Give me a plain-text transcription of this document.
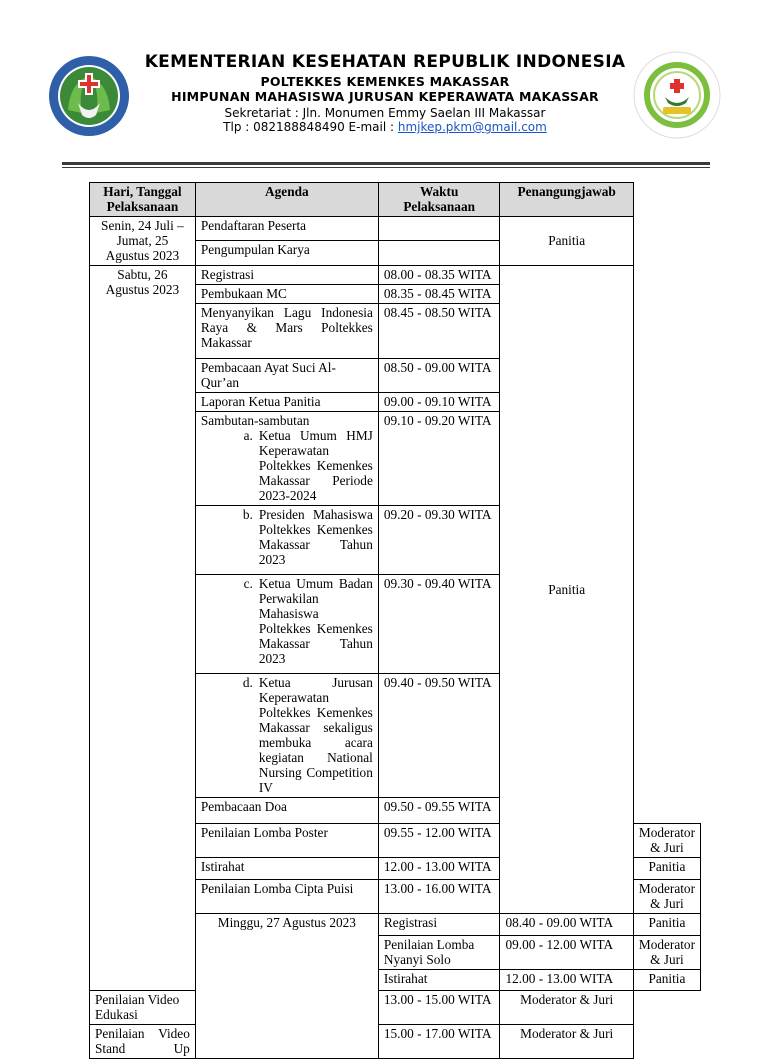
KEMENTERIAN KESEHATAN REPUBLIK INDONESIA
POLTEKKES KEMENKES MAKASSAR
HIMPUNAN MAHASISWA JURUSAN KEPERAWATA MAKASSAR
Sekretariat : Jln. Monumen Emmy Saelan III Makassar
Tlp : 082188848490 E-mail : hmjkep.pkm@gmail.com
Hari, Tanggal Pelaksanaan	Agenda	Waktu Pelaksanaan	Penangungjawab	
Senin, 24 Juli – Jumat, 25 Agustus 2023	Pendaftaran Peserta		Panitia	
	Pengumpulan Karya			
Sabtu, 26 Agustus 2023	Registrasi	08.00 - 08.35 WITA	Panitia	
	Pembukaan MC	08.35 - 08.45 WITA		
	Menyanyikan Lagu Indonesia Raya & Mars Poltekkes Makassar	08.45 - 08.50 WITA		
	Pembacaan Ayat Suci Al-Qur’an	08.50 - 09.00 WITA		
	Laporan Ketua Panitia	09.00 - 09.10 WITA		

	Sambutan-sambutan
a. Ketua Umum HMJ Keperawatan Poltekkes Kemenkes Makassar Periode 2023-2024	09.10 - 09.20 WITA		

	b. Presiden Mahasiswa Poltekkes Kemenkes Makassar Tahun 2023	09.20 - 09.30 WITA		

	c. Ketua Umum Badan Perwakilan Mahasiswa Poltekkes Kemenkes Makassar Tahun 2023	09.30 - 09.40 WITA		

	d. Ketua Jurusan Keperawatan Poltekkes Kemenkes Makassar sekaligus membuka acara kegiatan National Nursing Competition IV	09.40 - 09.50 WITA		
	Pembacaan Doa	09.50 - 09.55 WITA		
	Penilaian Lomba Poster	09.55 - 12.00 WITA		Moderator & Juri
	Istirahat	12.00 - 13.00 WITA		Panitia
	Penilaian Lomba Cipta Puisi	13.00 - 16.00 WITA		Moderator & Juri
	Minggu, 27 Agustus 2023	Registrasi	08.40 - 09.00 WITA	Panitia
		Penilaian Lomba Nyanyi Solo	09.00 - 12.00 WITA	Moderator & Juri
		Istirahat	12.00 - 13.00 WITA	Panitia
Penilaian Video Edukasi		13.00 - 15.00 WITA	Moderator & Juri	
Penilaian Video Stand Up		15.00 - 17.00 WITA	Moderator & Juri	
